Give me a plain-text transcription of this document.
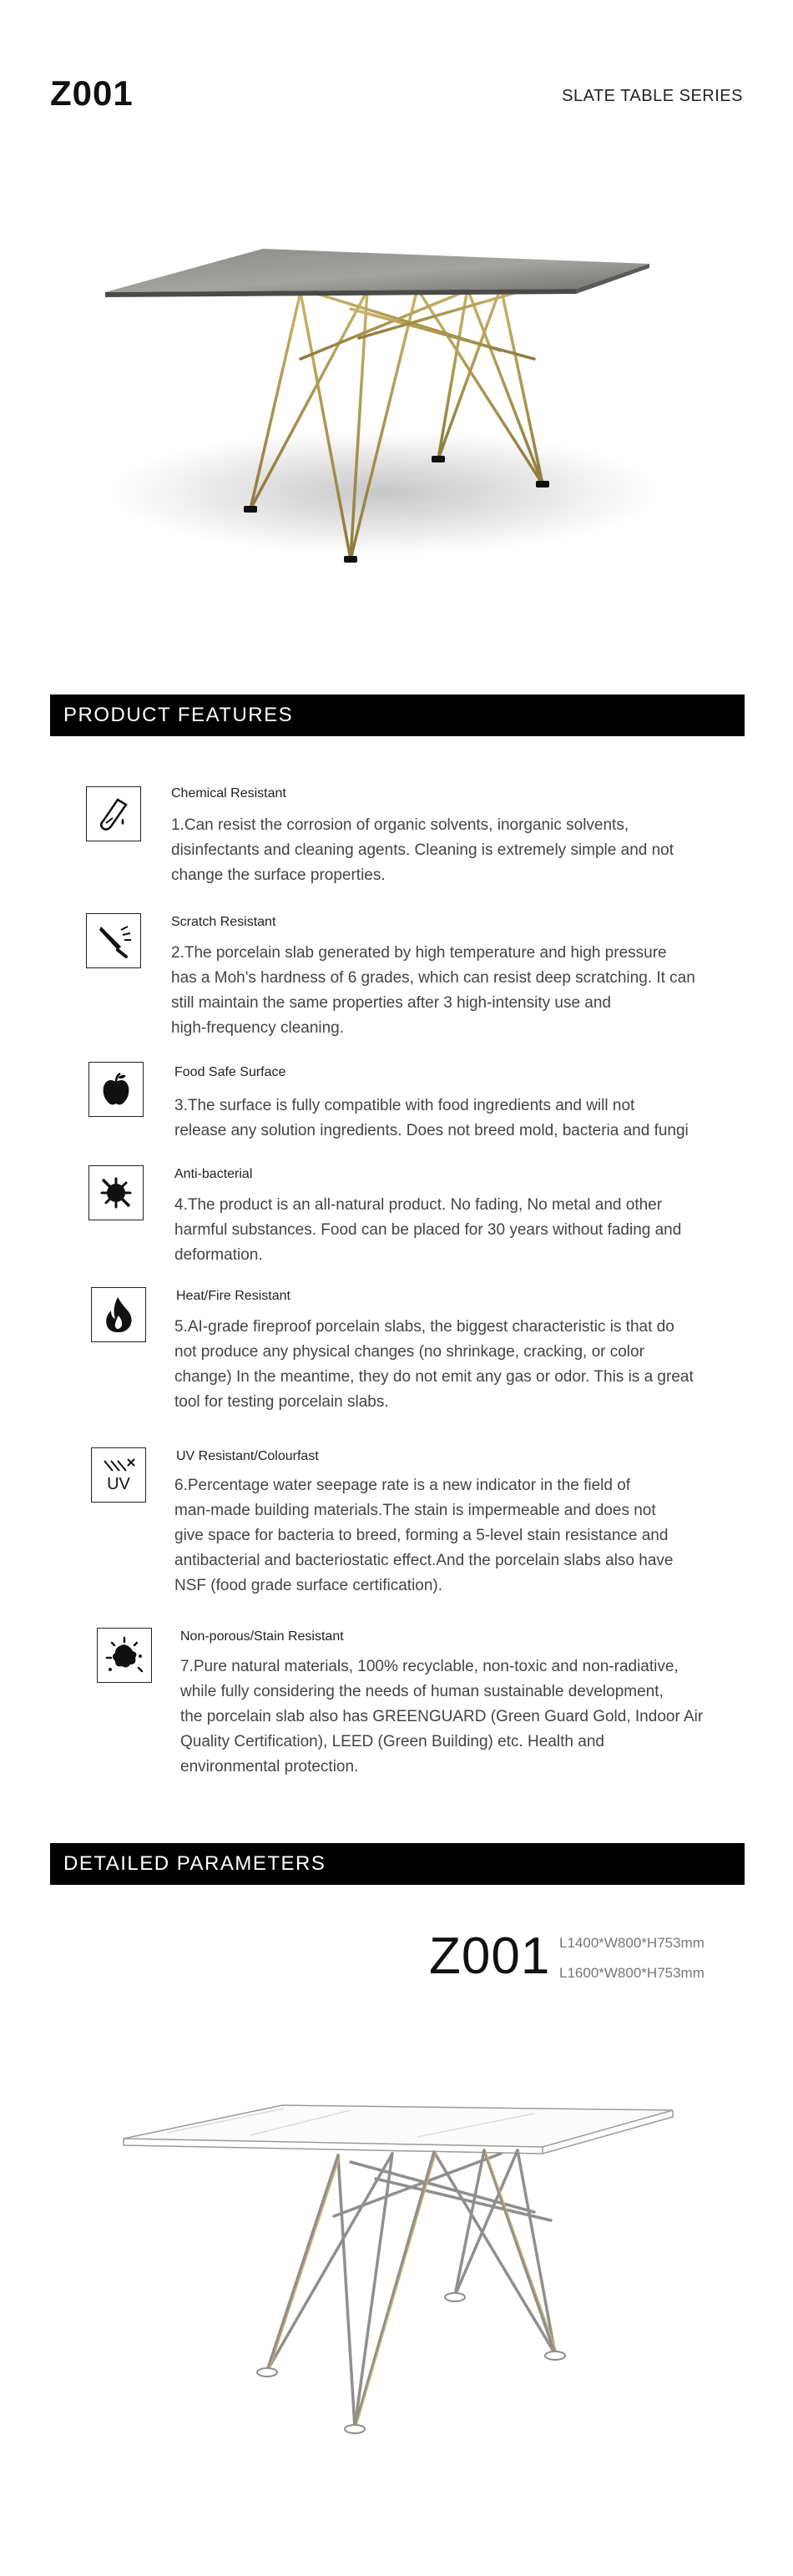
Z001	SLATE TABLE SERIES
PRODUCT FEATURES
Chemical Resistant
1.Can resist the corrosion of organic solvents, inorganic solvents,
disinfectants and cleaning agents. Cleaning is extremely simple and not
change the surface properties.
Scratch Resistant
2.The porcelain slab generated by high temperature and high pressure
has a Moh's hardness of 6 grades, which can resist deep scratching. It can
still maintain the same properties after 3 high-intensity use and
high-frequency cleaning.
Food Safe Surface
3.The surface is fully compatible with food ingredients and will not
release any solution ingredients. Does not breed mold, bacteria and fungi
Anti-bacterial
4.The product is an all-natural product. No fading, No metal and other
harmful substances. Food can be placed for 30 years without fading and
deformation.
Heat/Fire Resistant
5.AI-grade fireproof porcelain slabs, the biggest characteristic is that do
not produce any physical changes (no shrinkage, cracking, or color
change) In the meantime, they do not emit any gas or odor. This is a great
tool for testing porcelain slabs.
UV
UV Resistant/Colourfast
6.Percentage water seepage rate is a new indicator in the field of
man-made building materials.The stain is impermeable and does not
give space for bacteria to breed, forming a 5-level stain resistance and
antibacterial and bacteriostatic effect.And the porcelain slabs also have
NSF (food grade surface certification).
Non-porous/Stain Resistant
7.Pure natural materials, 100% recyclable, non-toxic and non-radiative,
while fully considering the needs of human sustainable development,
the porcelain slab also has GREENGUARD (Green Guard Gold, Indoor Air
Quality Certification), LEED (Green Building) etc. Health and
environmental protection.
DETAILED PARAMETERS
Z001 L1400*W800*H753mm
L1600*W800*H753mm
